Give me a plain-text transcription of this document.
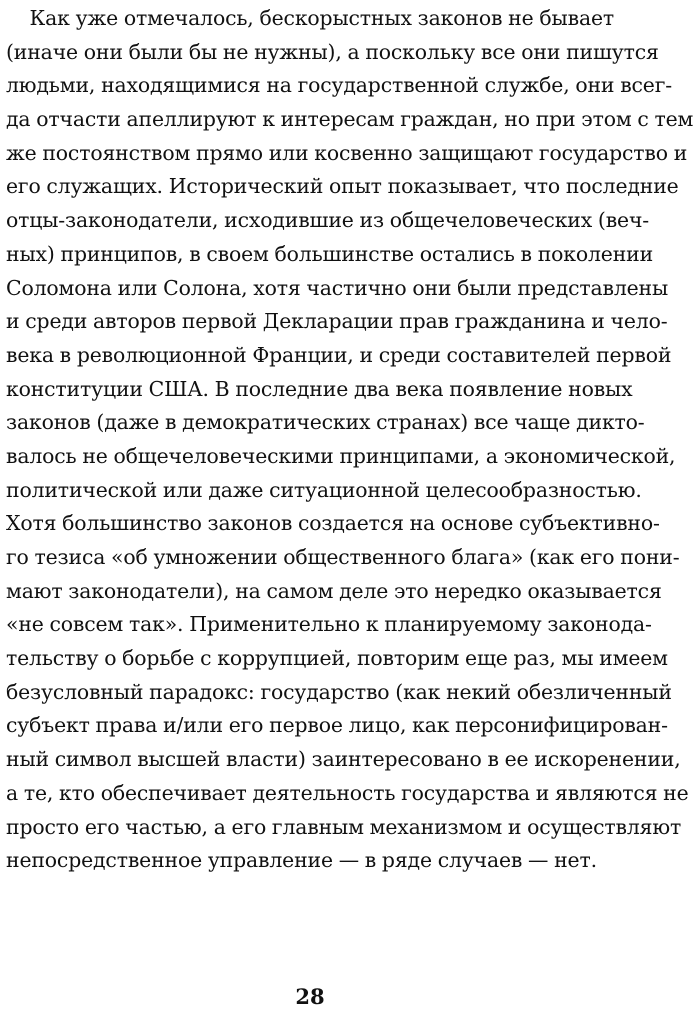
Как уже отмечалось, бескорыстных законов не бывает
(иначе они были бы не нужны), а поскольку все они пишутся
людьми, находящимися на государственной службе, они всег-
да отчасти апеллируют к интересам граждан, но при этом с тем
же постоянством прямо или косвенно защищают государство и
его служащих. Исторический опыт показывает, что последние
отцы-законодатели, исходившие из общечеловеческих (веч-
ных) принципов, в своем большинстве остались в поколении
Соломона или Солона, хотя частично они были представлены
и среди авторов первой Декларации прав гражданина и чело-
века в революционной Франции, и среди составителей первой
конституции США. В последние два века появление новых
законов (даже в демократических странах) все чаще дикто-
валось не общечеловеческими принципами, а экономической,
политической или даже ситуационной целесообразностью.
Хотя большинство законов создается на основе субъективно-
го тезиса «об умножении общественного блага» (как его пони-
мают законодатели), на самом деле это нередко оказывается
«не совсем так». Применительно к планируемому законода-
тельству о борьбе с коррупцией, повторим еще раз, мы имеем
безусловный парадокс: государство (как некий обезличенный
субъект права и/или его первое лицо, как персонифицирован-
ный символ высшей власти) заинтересовано в ее искоренении,
а те, кто обеспечивает деятельность государства и являются не
просто его частью, а его главным механизмом и осуществляют
непосредственное управление — в ряде случаев — нет.
28
